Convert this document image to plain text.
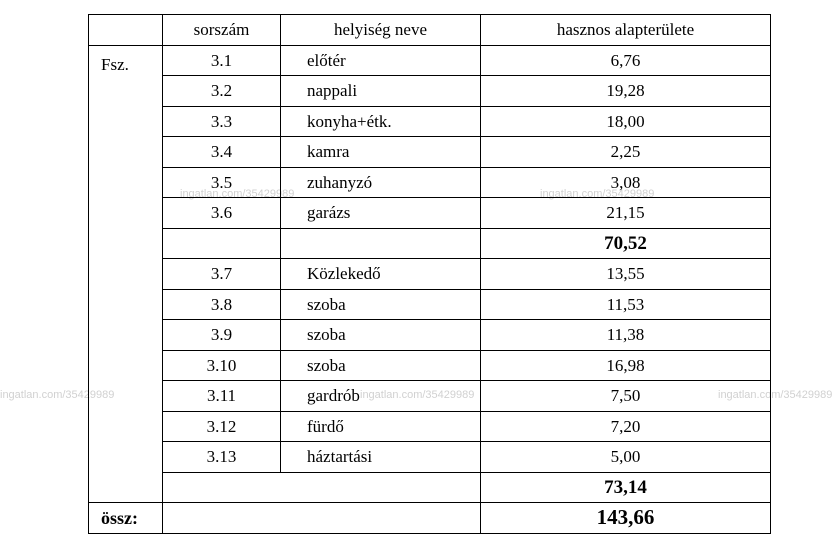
ingatlan.com/35429989	ingatlan.com/35429989
ingatlan.com/35429989	ingatlan.com/35429989	ingatlan.com/35429989
	sorszám	helyiség neve	hasznos alapterülete
Fsz.	3.1	előtér	6,76
	3.2	nappali	19,28
	3.3	konyha+étk.	18,00
	3.4	kamra	2,25
	3.5	zuhanyzó	3,08
	3.6	garázs	21,15
			70,52
	3.7	Közlekedő	13,55
	3.8	szoba	11,53
	3.9	szoba	11,38
	3.10	szoba	16,98
	3.11	gardrób	7,50
	3.12	fürdő	7,20
	3.13	háztartási	5,00
			73,14
össz:			143,66
